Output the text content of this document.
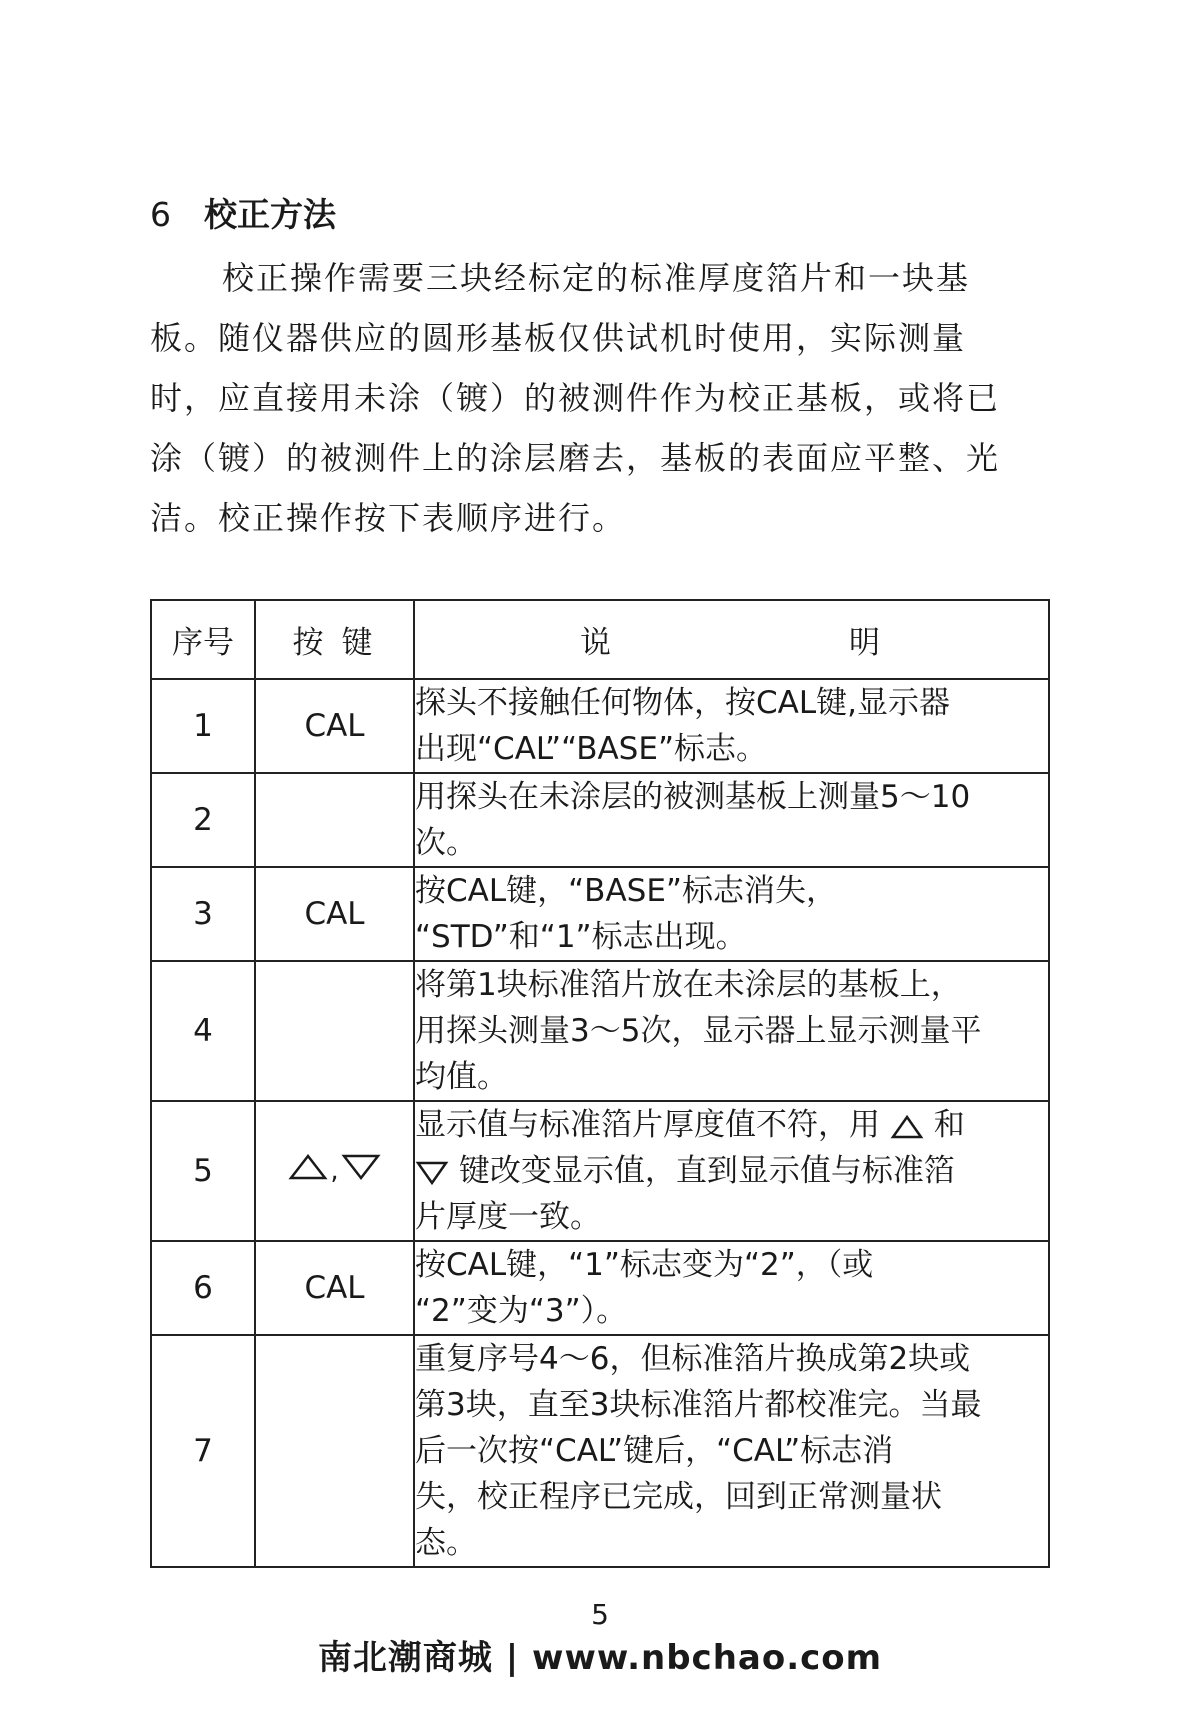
6 校正方法

校正操作需要三块经标定的标准厚度箔片和一块基
板。随仪器供应的圆形基板仅供试机时使用，实际测量
时，应直接用未涂（镀）的被测件作为校正基板，或将已
涂（镀）的被测件上的涂层磨去，基板的表面应平整、光
洁。校正操作按下表顺序进行。

序号	按键	说 明
1	CAL	探头不接触任何物体，按CAL键,显示器
出现“CAL”“BASE”标志。

2		用探头在未涂层的被测基板上测量5～10
次。

3	CAL	按CAL键，“BASE”标志消失，
“STD”和“1”标志出现。

4		将第1块标准箔片放在未涂层的基板上，
用探头测量3～5次，显示器上显示测量平
均值。

5	,	显示值与标准箔片厚度值不符，用 和
键改变显示值，直到显示值与标准箔
片厚度一致。

6	CAL	按CAL键，“1”标志变为“2”，（或
“2”变为“3”）。

7		重复序号4～6，但标准箔片换成第2块或
第3块，直至3块标准箔片都校准完。当最
后一次按“CAL”键后，“CAL”标志消
失，校正程序已完成，回到正常测量状
态。
5
南北潮商城 | www.nbchao.com
